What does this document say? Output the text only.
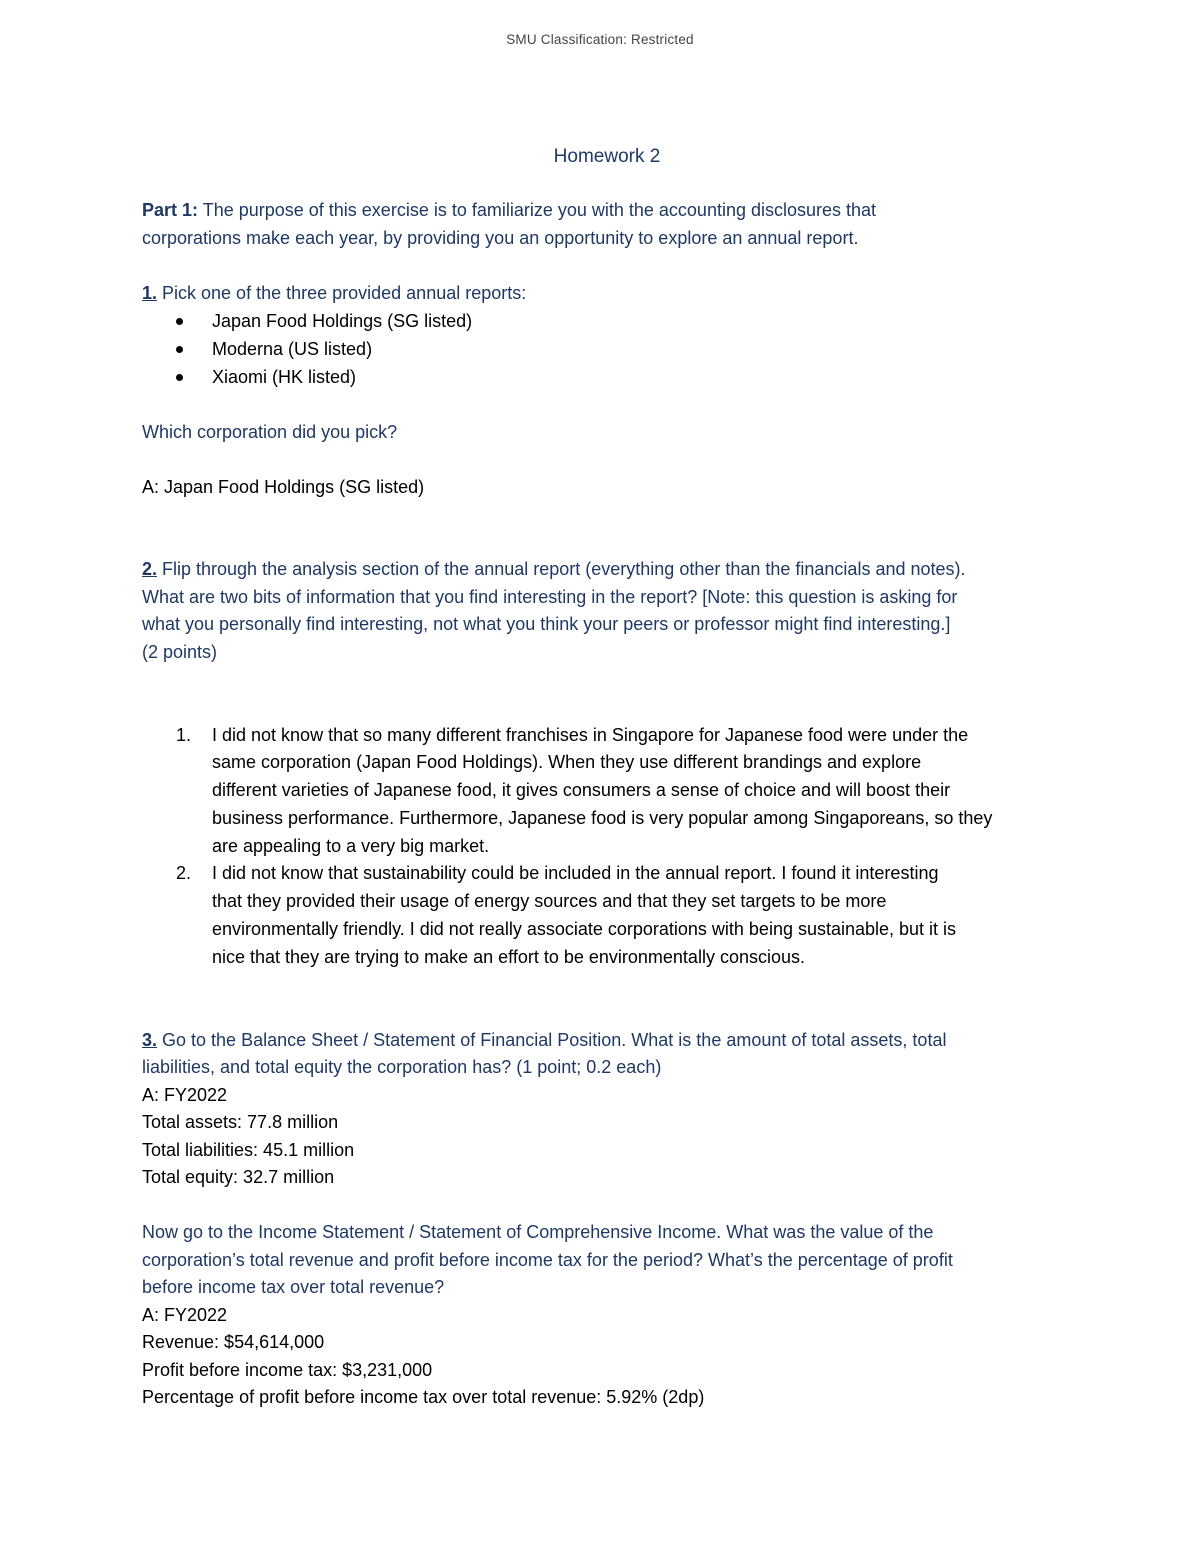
SMU Classification: Restricted

Homework 2

Part 1: The purpose of this exercise is to familiarize you with the accounting disclosures that

corporations make each year, by providing you an opportunity to explore an annual report.

1. Pick one of the three provided annual reports:

Japan Food Holdings (SG listed)
Moderna (US listed)
Xiaomi (HK listed)

Which corporation did you pick?

A: Japan Food Holdings (SG listed)

2. Flip through the analysis section of the annual report (everything other than the financials and notes).

What are two bits of information that you find interesting in the report? [Note: this question is asking for

what you personally find interesting, not what you think your peers or professor might find interesting.]

(2 points)

1. I did not know that so many different franchises in Singapore for Japanese food were under the
same corporation (Japan Food Holdings). When they use different brandings and explore
different varieties of Japanese food, it gives consumers a sense of choice and will boost their
business performance. Furthermore, Japanese food is very popular among Singaporeans, so they
are appealing to a very big market.
2. I did not know that sustainability could be included in the annual report. I found it interesting
that they provided their usage of energy sources and that they set targets to be more
environmentally friendly. I did not really associate corporations with being sustainable, but it is
nice that they are trying to make an effort to be environmentally conscious.

3. Go to the Balance Sheet / Statement of Financial Position. What is the amount of total assets, total

liabilities, and total equity the corporation has? (1 point; 0.2 each)

A: FY2022

Total assets: 77.8 million

Total liabilities: 45.1 million

Total equity: 32.7 million

Now go to the Income Statement / Statement of Comprehensive Income. What was the value of the

corporation’s total revenue and profit before income tax for the period? What’s the percentage of profit

before income tax over total revenue?

A: FY2022

Revenue: $54,614,000

Profit before income tax: $3,231,000

Percentage of profit before income tax over total revenue: 5.92% (2dp)
